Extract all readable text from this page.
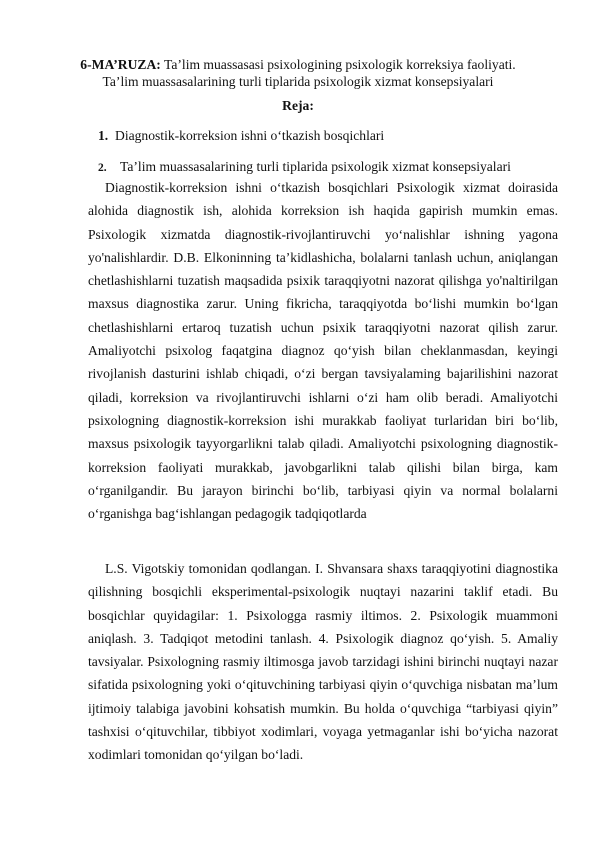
6-MA’RUZA: Ta’lim muassasasi psixologining psixologik korreksiya faoliyati.
Ta’lim muassasalarining turli tiplarida psixologik xizmat konsepsiyalari
Reja:
1. Diagnostik-korreksion ishni o‘tkazish bosqichlari
2. Ta’lim muassasalarining turli tiplarida psixologik xizmat konsepsiyalari

Diagnostik-korreksion ishni o‘tkazish bosqichlari Psixologik xizmat doirasida alohida diagnostik ish, alohida korreksion ish haqida gapirish mumkin emas. Psixologik xizmatda diagnostik-rivojlantiruvchi yo‘nalishlar ishning yagona yo'nalishlardir. D.B. Elkoninning ta’kidlashicha, bolalarni tanlash uchun, aniqlangan chetlashishlarni tuzatish maqsadida psixik taraqqiyotni nazorat qilishga yo'naltirilgan maxsus diagnostika zarur. Uning fikricha, taraqqiyotda bo‘lishi mumkin bo‘lgan chetlashishlarni ertaroq tuzatish uchun psixik taraqqiyotni nazorat qilish zarur. Amaliyotchi psixolog faqatgina diagnoz qo‘yish bilan cheklanmasdan, keyingi rivojlanish dasturini ishlab chiqadi, o‘zi bergan tavsiyalaming bajarilishini nazorat qiladi, korreksion va rivojlantiruvchi ishlarni o‘zi ham olib beradi. Amaliyotchi psixologning diagnostik-korreksion ishi murakkab faoliyat turlaridan biri bo‘lib, maxsus psixologik tayyorgarlikni talab qiladi. Amaliyotchi psixologning diagnostik- korreksion faoliyati murakkab, javobgarlikni talab qilishi bilan birga, kam o‘rganilgandir. Bu jarayon birinchi bo‘lib, tarbiyasi qiyin va normal bolalarni o‘rganishga bag‘ishlangan pedagogik tadqiqotlarda

L.S. Vigotskiy tomonidan qodlangan. I. Shvansara shaxs taraqqiyotini diagnostika qilishning bosqichli eksperimental-psixologik nuqtayi nazarini taklif etadi. Bu bosqichlar quyidagilar: 1. Psixologga rasmiy iltimos. 2. Psixologik muammoni aniqlash. 3. Tadqiqot metodini tanlash. 4. Psixologik diagnoz qo‘yish. 5. Amaliy tavsiyalar. Psixologning rasmiy iltimosga javob tarzidagi ishini birinchi nuqtayi nazar sifatida psixologning yoki o‘qituvchining tarbiyasi qiyin o‘quvchiga nisbatan ma’lum ijtimoiy talabiga javobini kohsatish mumkin. Bu holda o‘quvchiga “tarbiyasi qiyin” tashxisi o‘qituvchilar, tibbiyot xodimlari, voyaga yetmaganlar ishi bo‘yicha nazorat xodimlari tomonidan qo‘yilgan bo‘ladi.
